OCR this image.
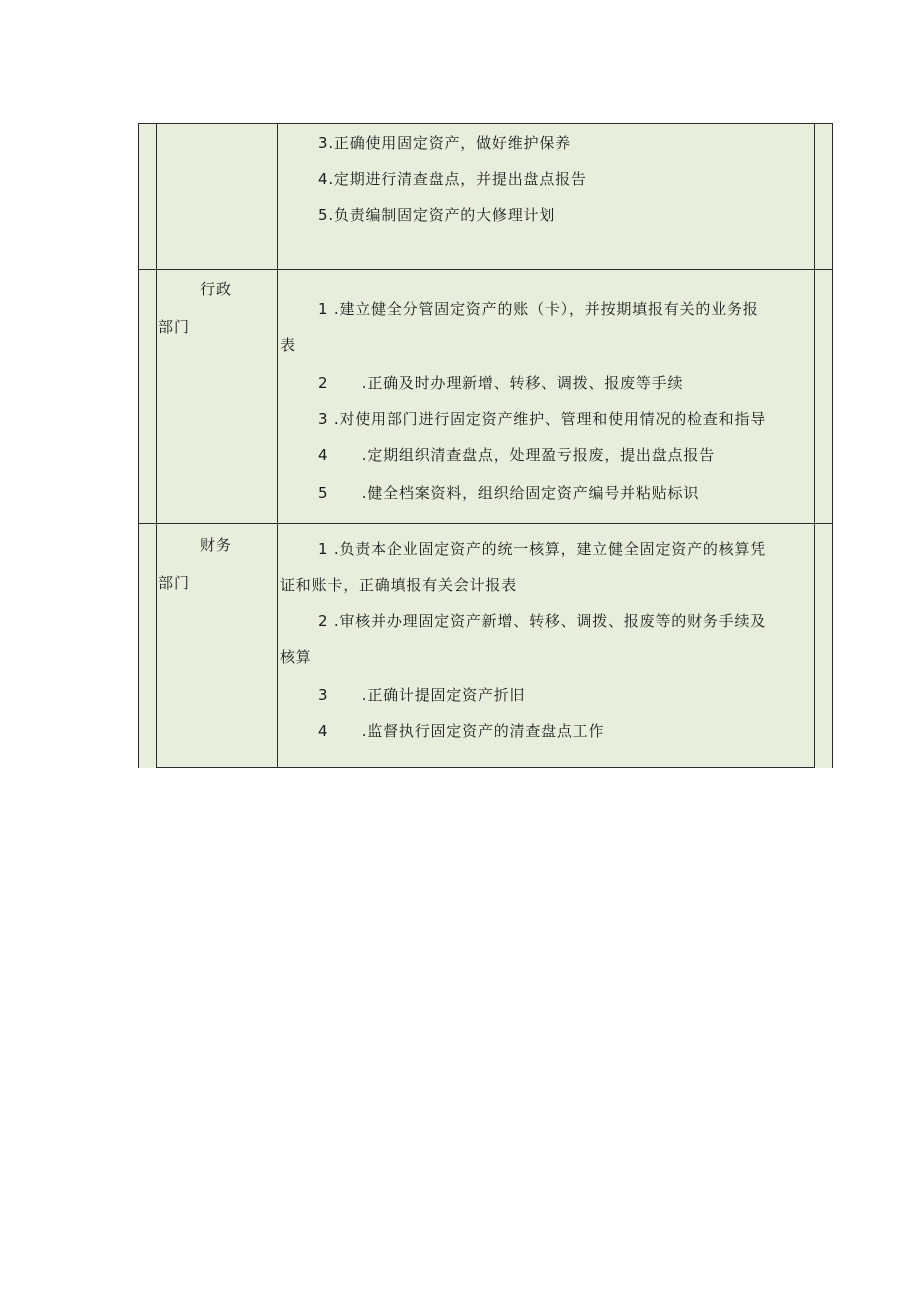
3.正确使用固定资产，做好维护保养
4.定期进行清查盘点，并提出盘点报告
5.负责编制固定资产的大修理计划
行政
部门
1 .建立健全分管固定资产的账（卡），并按期填报有关的业务报
表
2      .正确及时办理新增、转移、调拨、报废等手续
3 .对使用部门进行固定资产维护、管理和使用情况的检查和指导
4      .定期组织清查盘点，处理盈亏报废，提出盘点报告
5      .健全档案资料，组织给固定资产编号并粘贴标识
财务
部门
1 .负责本企业固定资产的统一核算，建立健全固定资产的核算凭
证和账卡，正确填报有关会计报表
2 .审核并办理固定资产新增、转移、调拨、报废等的财务手续及
核算
3      .正确计提固定资产折旧
4      .监督执行固定资产的清查盘点工作
